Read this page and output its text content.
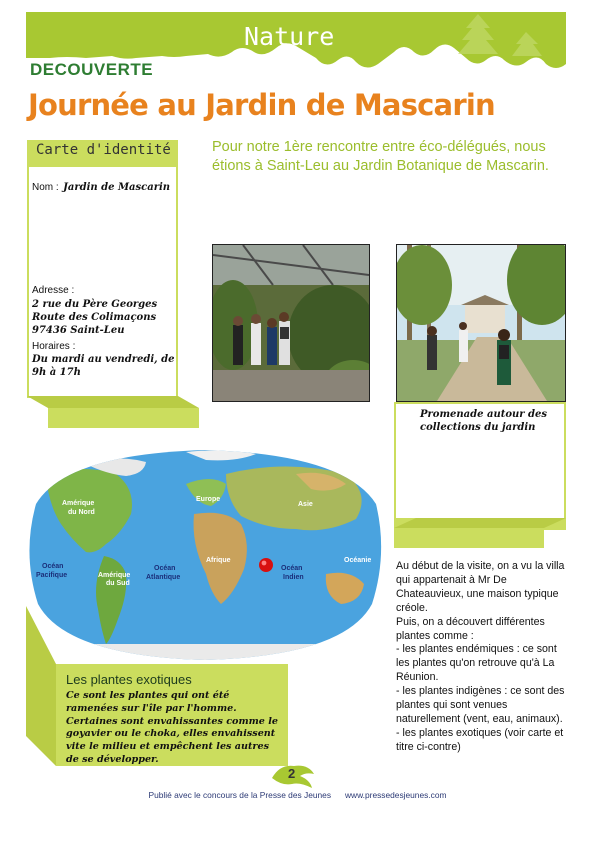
Nature
DECOUVERTE
Journée au Jardin de Mascarin
Carte d'identité
Nom : Jardin de Mascarin
Adresse :
2 rue du Père Georges
Route des Colimaçons
97436 Saint-Leu
Horaires :
Du mardi au vendredi, de
9h à 17h
Pour notre 1ère rencontre entre éco-délégués, nous étions à Saint-Leu au Jardin Botanique de Mascarin.
Promenade autour des collections du jardin
Amérique
du Nord
Europe
Asie
Afrique
Amérique
du Sud
Océanie
Océan
Pacifique
Océan
Atlantique
Océan
Indien
Les plantes exotiques
Ce sont les plantes qui ont été ramenées sur l'île par l'homme. Certaines sont envahissantes comme le goyavier ou le choka, elles envahissent vite le milieu et empêchent les autres de se développer.

Au début de la visite, on a vu la villa qui appartenait à Mr De Chateauvieux, une maison typique créole.

Puis, on a découvert différentes plantes comme :

- les plantes endémiques : ce sont les plantes qu'on retrouve qu'à La Réunion.

- les plantes indigènes : ce sont des plantes qui sont venues naturellement (vent, eau, animaux).

- les plantes exotiques (voir carte et titre ci-contre)

2
Publié avec le concours de la Presse des Jeunes www.pressedesjeunes.com
